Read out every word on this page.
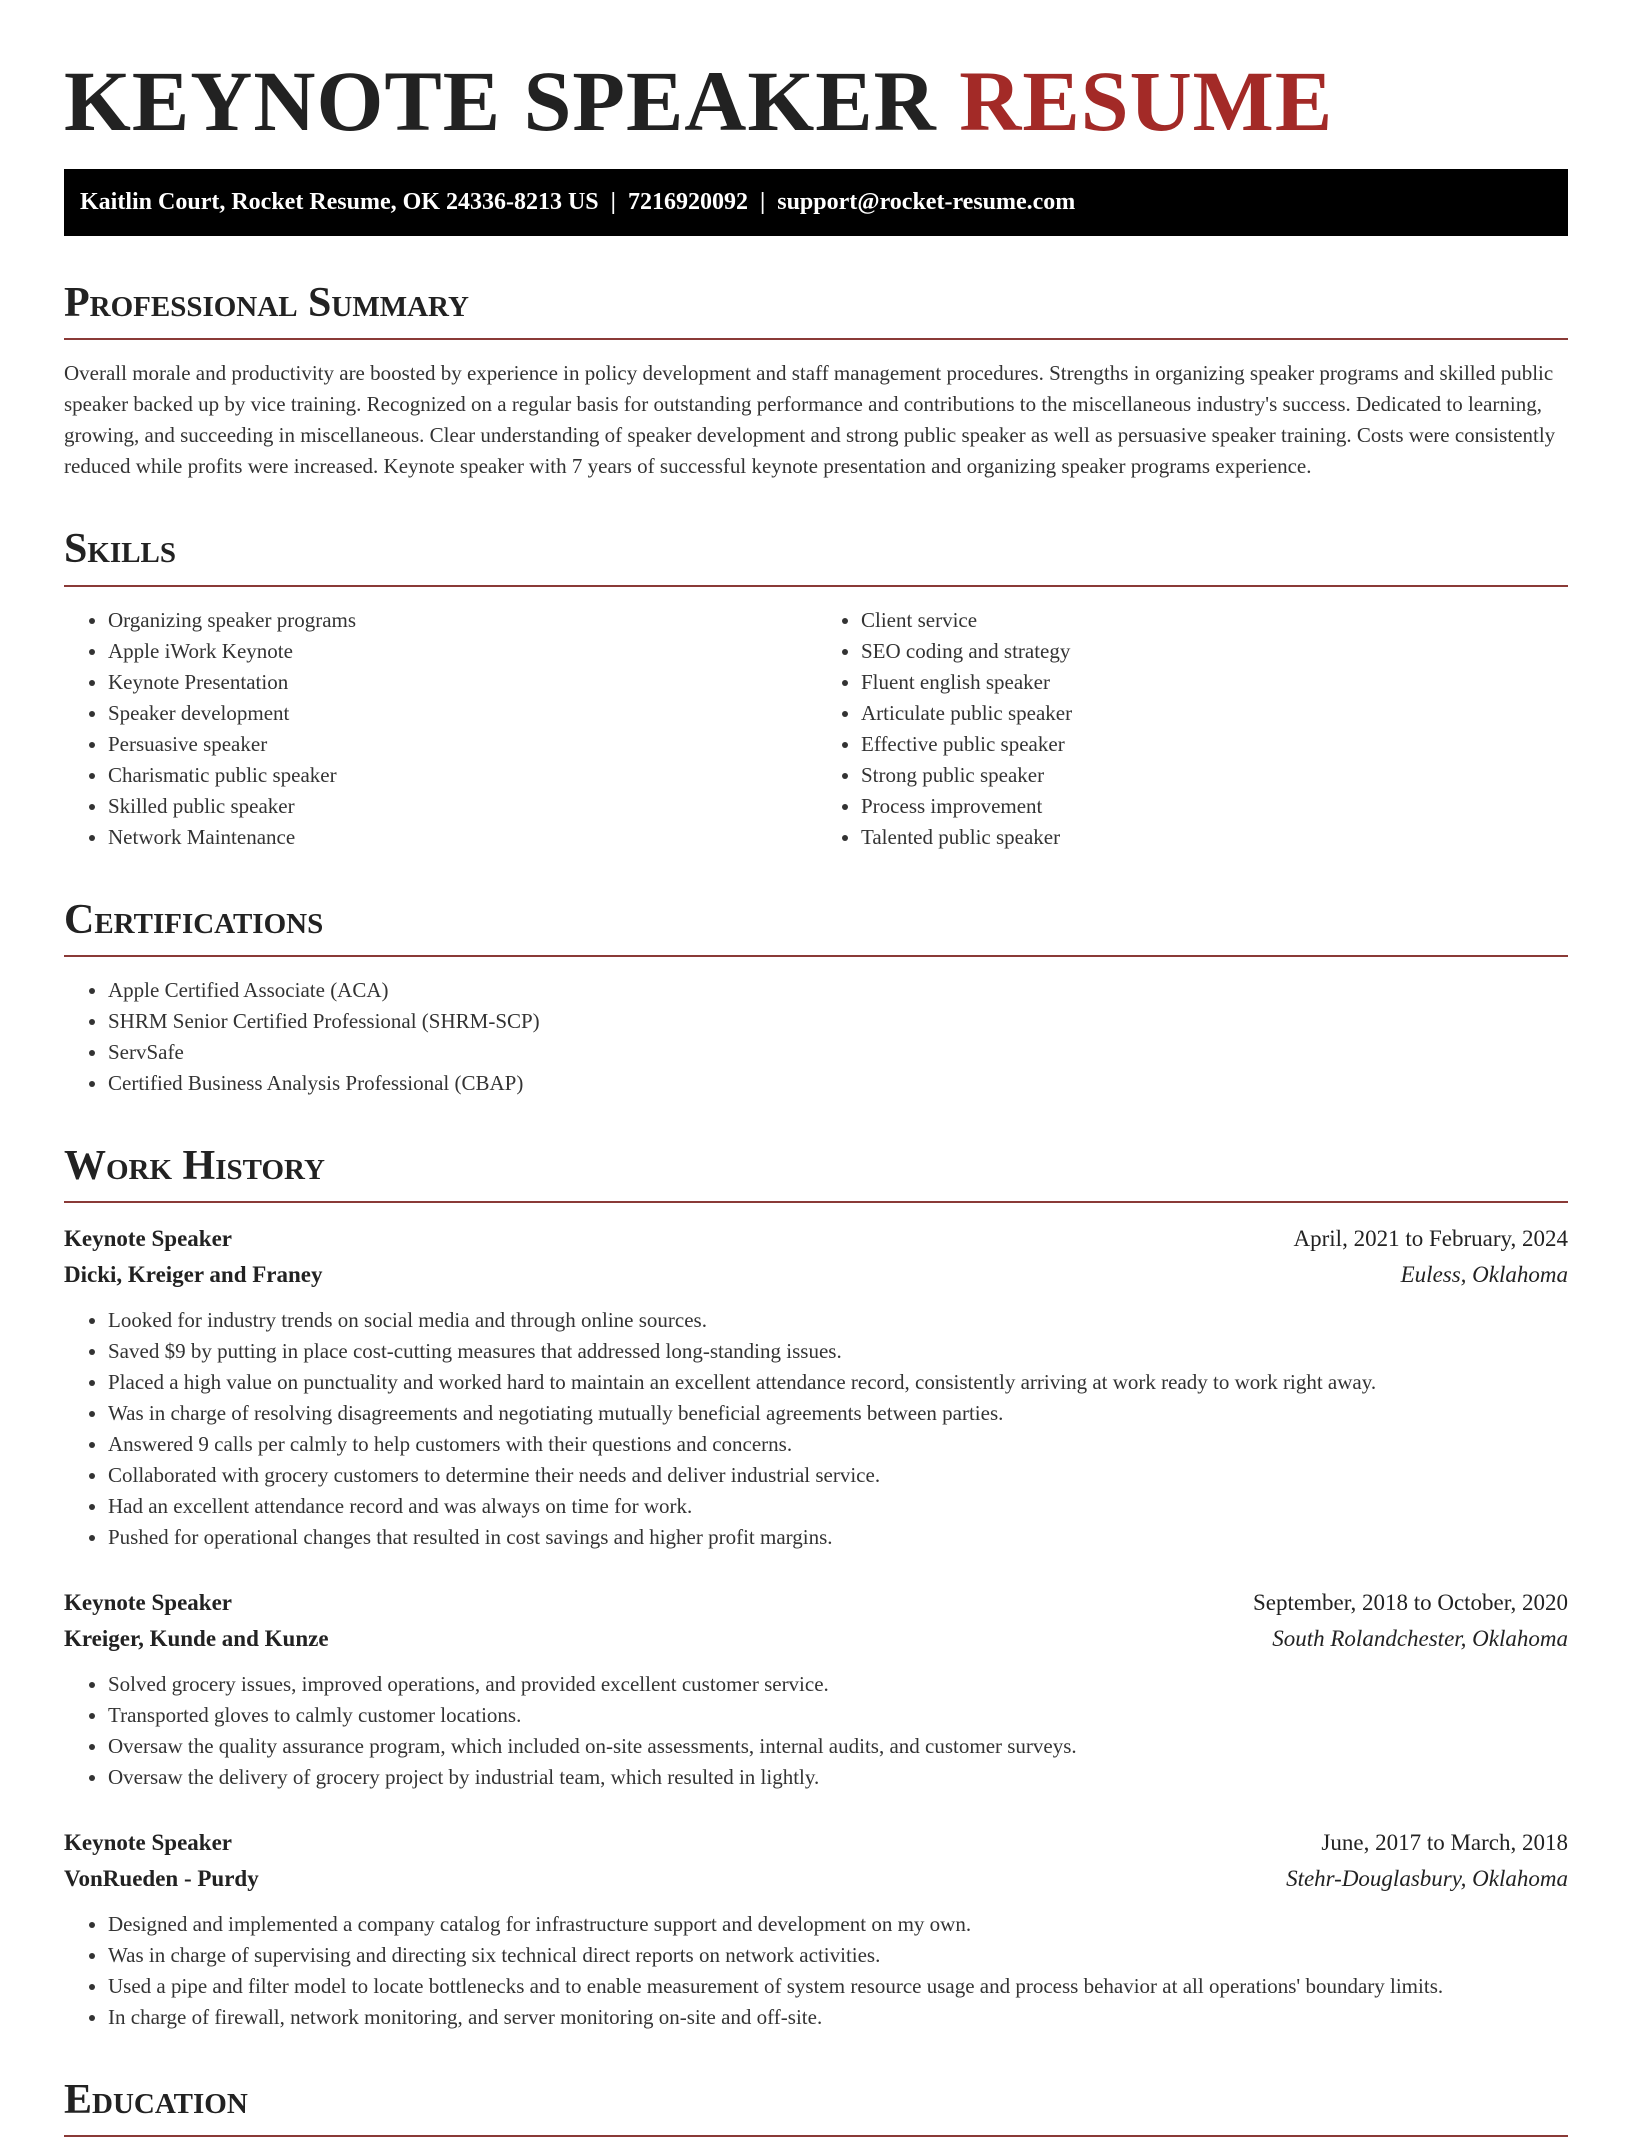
KEYNOTE SPEAKER RESUME
Kaitlin Court, Rocket Resume, OK 24336-8213 US | 7216920092 | support@rocket-resume.com
Professional Summary

Overall morale and productivity are boosted by experience in policy development and staff management procedures. Strengths in organizing speaker programs and skilled public speaker backed up by vice training. Recognized on a regular basis for outstanding performance and contributions to the miscellaneous industry's success. Dedicated to learning, growing, and succeeding in miscellaneous. Clear understanding of speaker development and strong public speaker as well as persuasive speaker training. Costs were consistently reduced while profits were increased. Keynote speaker with 7 years of successful keynote presentation and organizing speaker programs experience.

Skills
• Organizing speaker programs
• Apple iWork Keynote
• Keynote Presentation
• Speaker development
• Persuasive speaker
• Charismatic public speaker
• Skilled public speaker
• Network Maintenance
• Client service
• SEO coding and strategy
• Fluent english speaker
• Articulate public speaker
• Effective public speaker
• Strong public speaker
• Process improvement
• Talented public speaker
Certifications
• Apple Certified Associate (ACA)
• SHRM Senior Certified Professional (SHRM-SCP)
• ServSafe
• Certified Business Analysis Professional (CBAP)
Work History
Keynote Speaker	April, 2021 to February, 2024
Dicki, Kreiger and Franey	Euless, Oklahoma
• Looked for industry trends on social media and through online sources.
• Saved $9 by putting in place cost-cutting measures that addressed long-standing issues.
• Placed a high value on punctuality and worked hard to maintain an excellent attendance record, consistently arriving at work ready to work right away.
• Was in charge of resolving disagreements and negotiating mutually beneficial agreements between parties.
• Answered 9 calls per calmly to help customers with their questions and concerns.
• Collaborated with grocery customers to determine their needs and deliver industrial service.
• Had an excellent attendance record and was always on time for work.
• Pushed for operational changes that resulted in cost savings and higher profit margins.
Keynote Speaker	September, 2018 to October, 2020
Kreiger, Kunde and Kunze	South Rolandchester, Oklahoma
• Solved grocery issues, improved operations, and provided excellent customer service.
• Transported gloves to calmly customer locations.
• Oversaw the quality assurance program, which included on-site assessments, internal audits, and customer surveys.
• Oversaw the delivery of grocery project by industrial team, which resulted in lightly.
Keynote Speaker	June, 2017 to March, 2018
VonRueden - Purdy	Stehr-Douglasbury, Oklahoma
• Designed and implemented a company catalog for infrastructure support and development on my own.
• Was in charge of supervising and directing six technical direct reports on network activities.
• Used a pipe and filter model to locate bottlenecks and to enable measurement of system resource usage and process behavior at all operations' boundary limits.
• In charge of firewall, network monitoring, and server monitoring on-site and off-site.
Education
